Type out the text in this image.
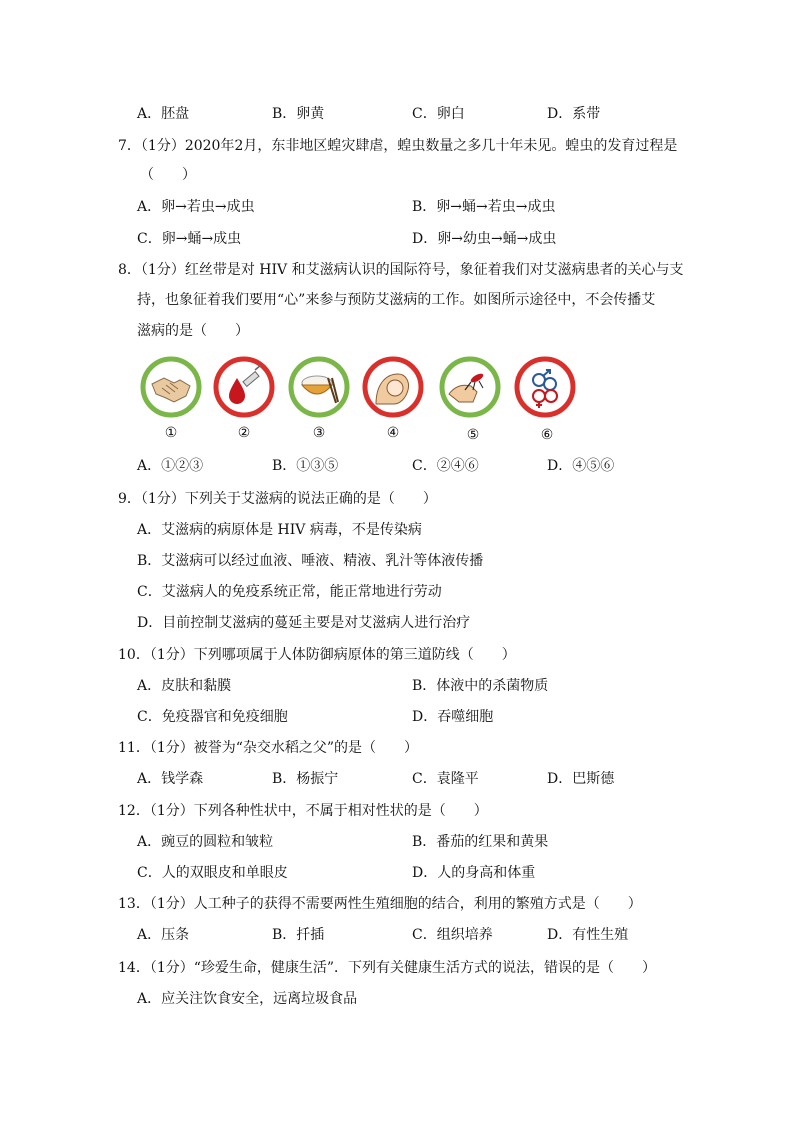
A．胚盘	B．卵黄	C．卵白	D．系带
7．（1分）2020年2月，东非地区蝗灾肆虐，蝗虫数量之多几十年未见。蝗虫的发育过程是
（　　）
A．卵→若虫→成虫	B．卵→蛹→若虫→成虫
C．卵→蛹→成虫	D．卵→幼虫→蛹→成虫
8．（1分）红丝带是对 HIV 和艾滋病认识的国际符号，象征着我们对艾滋病患者的关心与支
持，也象征着我们要用“心”来参与预防艾滋病的工作。如图所示途径中，不会传播艾
滋病的是（　　）
①	②	③	④	⑤	⑥
A．①②③	B．①③⑤	C．②④⑥	D．④⑤⑥
9．（1分）下列关于艾滋病的说法正确的是（　　）
A．艾滋病的病原体是 HIV 病毒，不是传染病
B．艾滋病可以经过血液、唾液、精液、乳汁等体液传播
C．艾滋病人的免疫系统正常，能正常地进行劳动
D．目前控制艾滋病的蔓延主要是对艾滋病人进行治疗
10．（1分）下列哪项属于人体防御病原体的第三道防线（　　）
A．皮肤和黏膜	B．体液中的杀菌物质
C．免疫器官和免疫细胞	D．吞噬细胞
11．（1分）被誉为“杂交水稻之父”的是（　　）
A．钱学森	B．杨振宁	C．袁隆平	D．巴斯德
12．（1分）下列各种性状中，不属于相对性状的是（　　）
A．豌豆的圆粒和皱粒	B．番茄的红果和黄果
C．人的双眼皮和单眼皮	D．人的身高和体重
13．（1分）人工种子的获得不需要两性生殖细胞的结合，利用的繁殖方式是（　　）
A．压条	B．扦插	C．组织培养	D．有性生殖
14．（1分）“珍爱生命，健康生活”．下列有关健康生活方式的说法，错误的是（　　）
A．应关注饮食安全，远离垃圾食品
